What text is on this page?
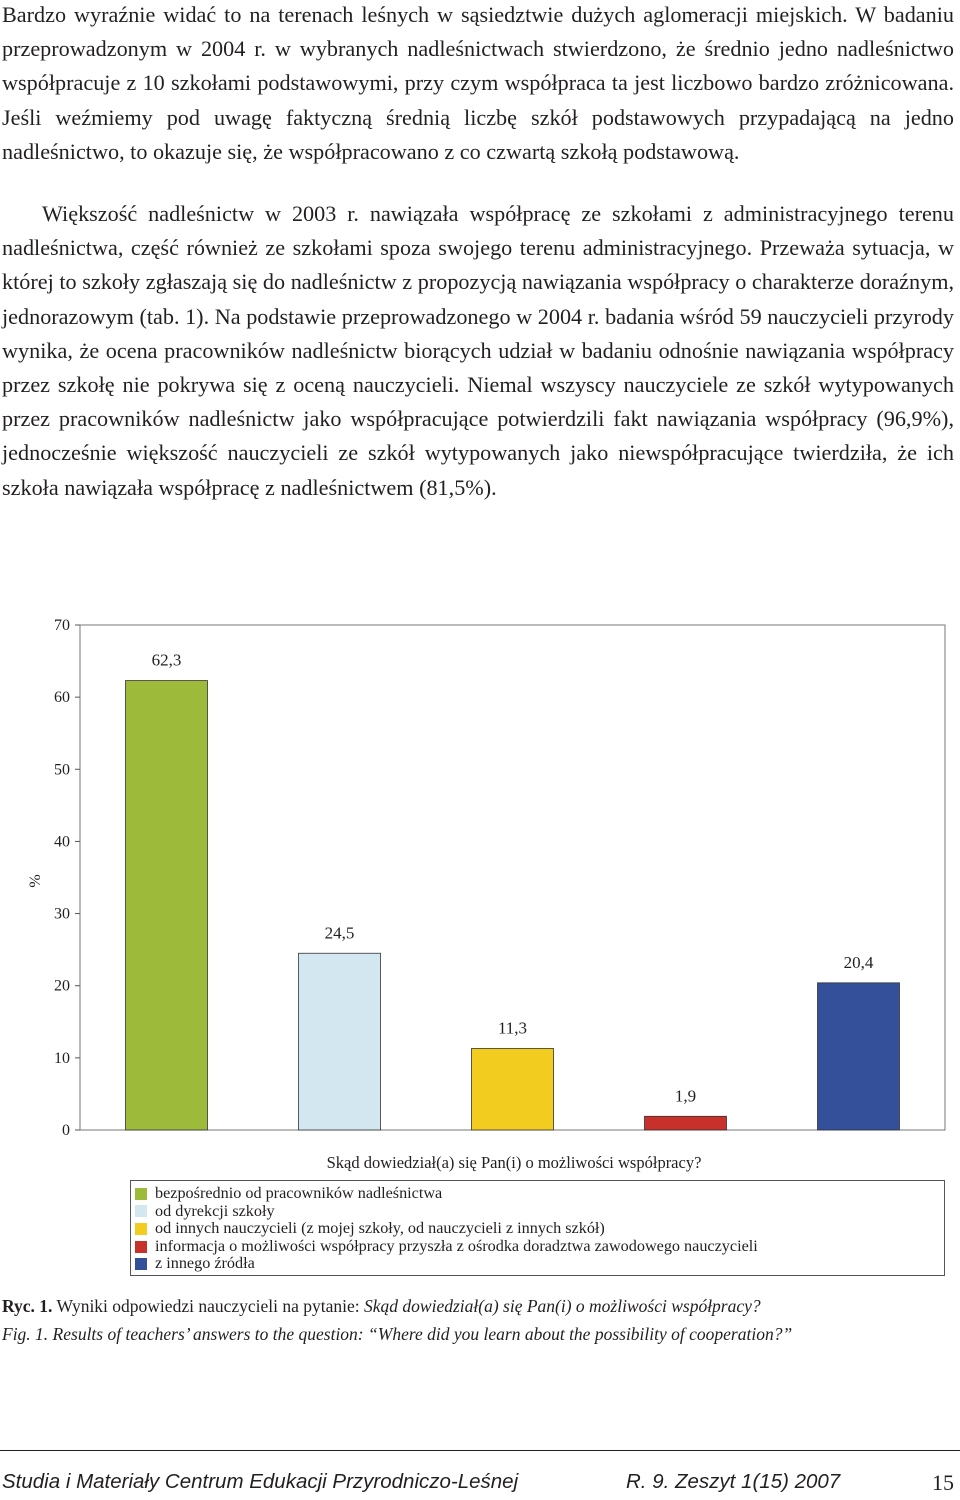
Bardzo wyraźnie widać to na terenach leśnych w sąsiedztwie dużych aglomeracji miejskich. W badaniu przeprowadzonym w 2004 r. w wybranych nadleśnictwach stwierdzono, że średnio jedno nadleśnictwo współpracuje z 10 szkołami podstawowymi, przy czym współpraca ta jest liczbowo bardzo zróżnicowana. Jeśli weźmiemy pod uwagę faktyczną średnią liczbę szkół podstawowych przypadającą na jedno nadleśnictwo, to okazuje się, że współpracowano z co czwartą szkołą podstawową.

Większość nadleśnictw w 2003 r. nawiązała współpracę ze szkołami z administracyjnego terenu nadleśnictwa, część również ze szkołami spoza swojego terenu administracyjnego. Przeważa sytuacja, w której to szkoły zgłaszają się do nadleśnictw z propozycją nawiązania współpracy o charakterze doraźnym, jednorazowym (tab. 1). Na podstawie przeprowadzonego w 2004 r. badania wśród 59 nauczycieli przyrody wynika, że ocena pracowników nadleśnictw biorących udział w badaniu odnośnie nawiązania współpracy przez szkołę nie pokrywa się z oceną nauczycieli. Niemal wszyscy nauczyciele ze szkół wytypowanych przez pracowników nadleśnictw jako współpracujące potwierdzili fakt nawiązania współpracy (96,9%), jednocześnie większość nauczycieli ze szkół wytypowanych jako niewspółpracujące twierdziła, że ich szkoła nawiązała współpracę z nadleśnictwem (81,5%).

0
10
20
30
40
50
60
70
62,3
24,5
11,3
1,9
20,4
%
Skąd dowiedział(a) się Pan(i) o możliwości współpracy?
bezpośrednio od pracowników nadleśnictwa
od dyrekcji szkoły
od innych nauczycieli (z mojej szkoły, od nauczycieli z innych szkół)
informacja o możliwości współpracy przyszła z ośrodka doradztwa zawodowego nauczycieli
z innego źródła
Ryc. 1. Wyniki odpowiedzi nauczycieli na pytanie: Skąd dowiedział(a) się Pan(i) o możliwości współpracy?
Fig. 1. Results of teachers’ answers to the question: “Where did you learn about the possibility of cooperation?”
Studia i Materiały Centrum Edukacji Przyrodniczo-Leśnej	R. 9. Zeszyt 1(15) 2007	15
